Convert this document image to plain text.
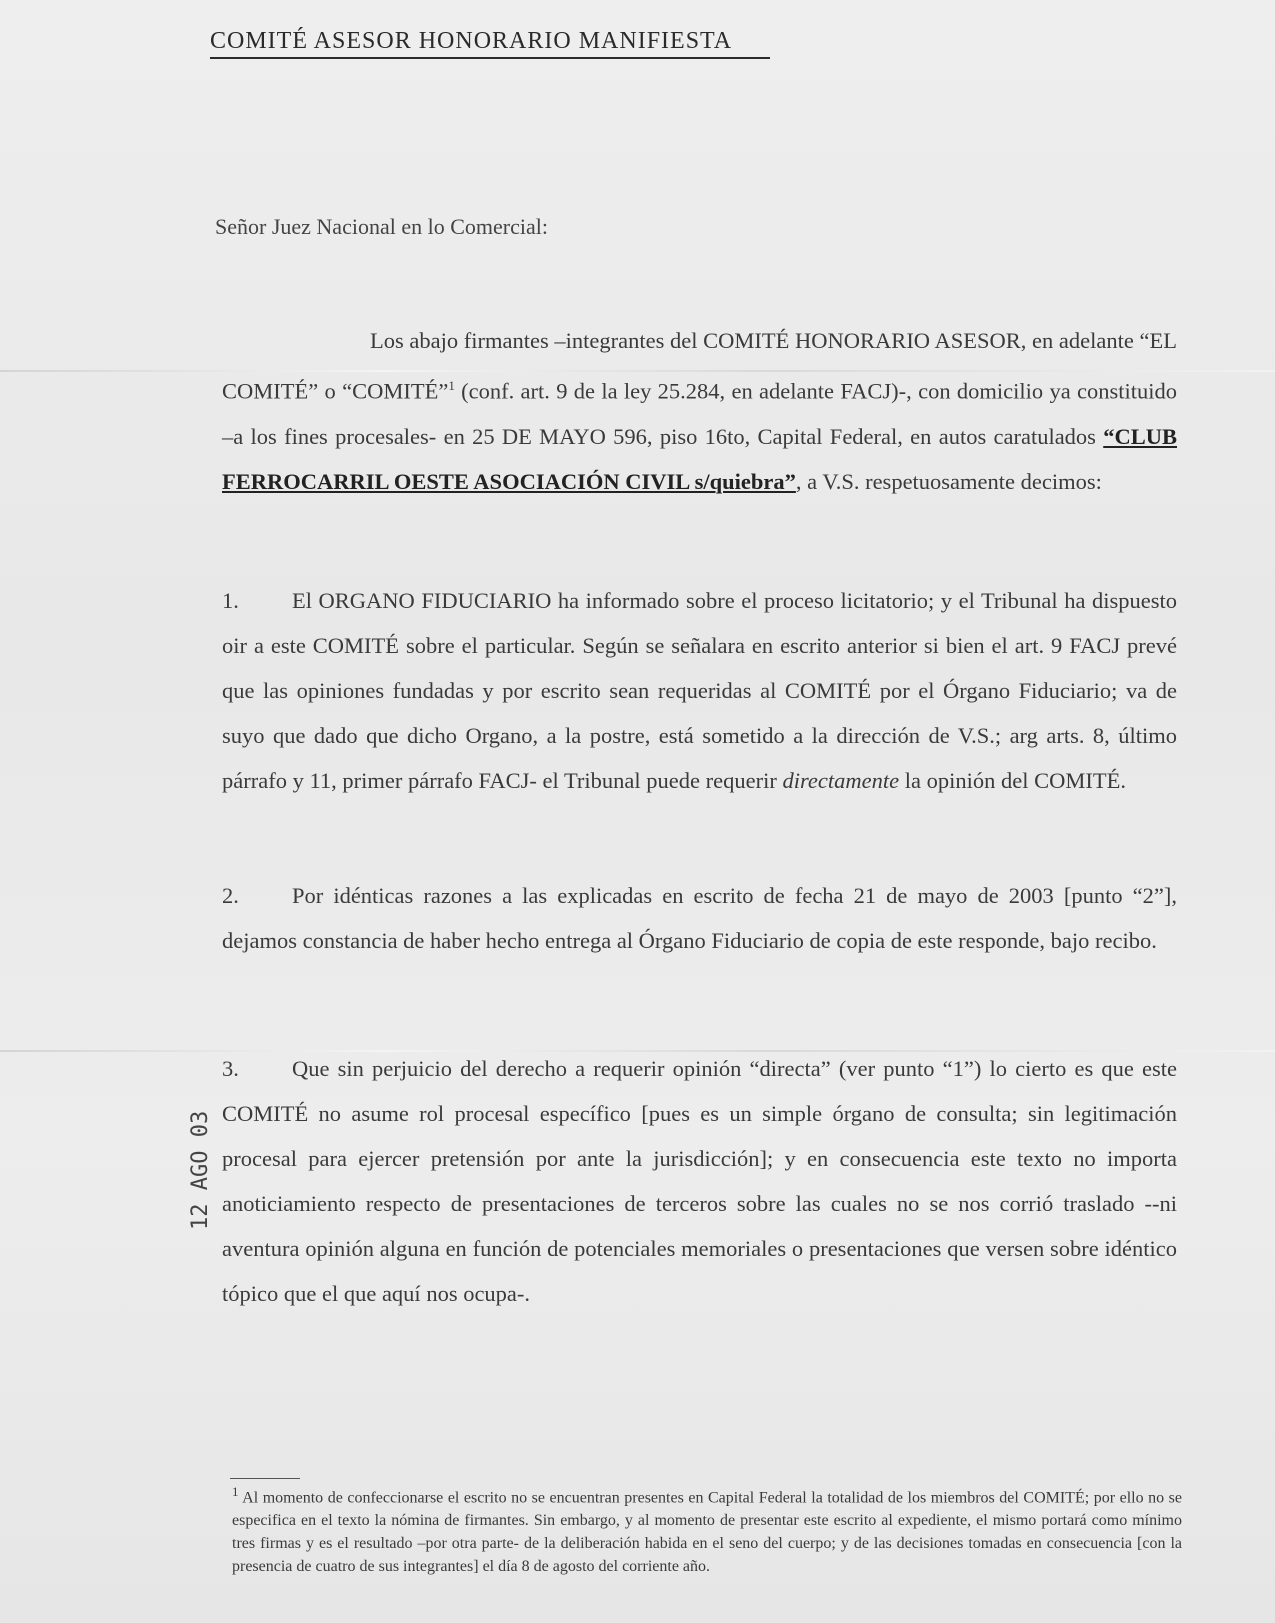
COMITÉ ASESOR HONORARIO MANIFIESTA
Señor Juez Nacional en lo Comercial:
Los abajo firmantes –integrantes del COMITÉ HONORARIO ASESOR, en adelante “EL COMITÉ” o “COMITÉ”$^1$ (conf. art. 9 de la ley 25.284, en adelante FACJ)-, con domicilio ya constituido –a los fines procesales- en 25 DE MAYO 596, piso 16to, Capital Federal, en autos caratulados “CLUB FERROCARRIL OESTE ASOCIACIÓN CIVIL s/quiebra”, a V.S. respetuosamente decimos:
1. El ORGANO FIDUCIARIO ha informado sobre el proceso licitatorio; y el Tribunal ha dispuesto oir a este COMITÉ sobre el particular. Según se señalara en escrito anterior si bien el art. 9 FACJ prevé que las opiniones fundadas y por escrito sean requeridas al COMITÉ por el Órgano Fiduciario; va de suyo que dado que dicho Organo, a la postre, está sometido a la dirección de V.S.; arg arts. 8, último párrafo y 11, primer párrafo FACJ- el Tribunal puede requerir directamente la opinión del COMITÉ.
2. Por idénticas razones a las explicadas en escrito de fecha 21 de mayo de 2003 [punto “2”], dejamos constancia de haber hecho entrega al Órgano Fiduciario de copia de este responde, bajo recibo.
3. Que sin perjuicio del derecho a requerir opinión “directa” (ver punto “1”) lo cierto es que este COMITÉ no asume rol procesal específico [pues es un simple órgano de consulta; sin legitimación procesal para ejercer pretensión por ante la jurisdicción]; y en consecuencia este texto no importa anoticiamiento respecto de presentaciones de terceros sobre las cuales no se nos corrió traslado --ni aventura opinión alguna en función de potenciales memoriales o presentaciones que versen sobre idéntico tópico que el que aquí nos ocupa-.
12 AGO 03
$^1$ Al momento de confeccionarse el escrito no se encuentran presentes en Capital Federal la totalidad de los miembros del COMITÉ; por ello no se especifica en el texto la nómina de firmantes. Sin embargo, y al momento de presentar este escrito al expediente, el mismo portará como mínimo tres firmas y es el resultado –por otra parte- de la deliberación habida en el seno del cuerpo; y de las decisiones tomadas en consecuencia [con la presencia de cuatro de sus integrantes] el día 8 de agosto del corriente año.
